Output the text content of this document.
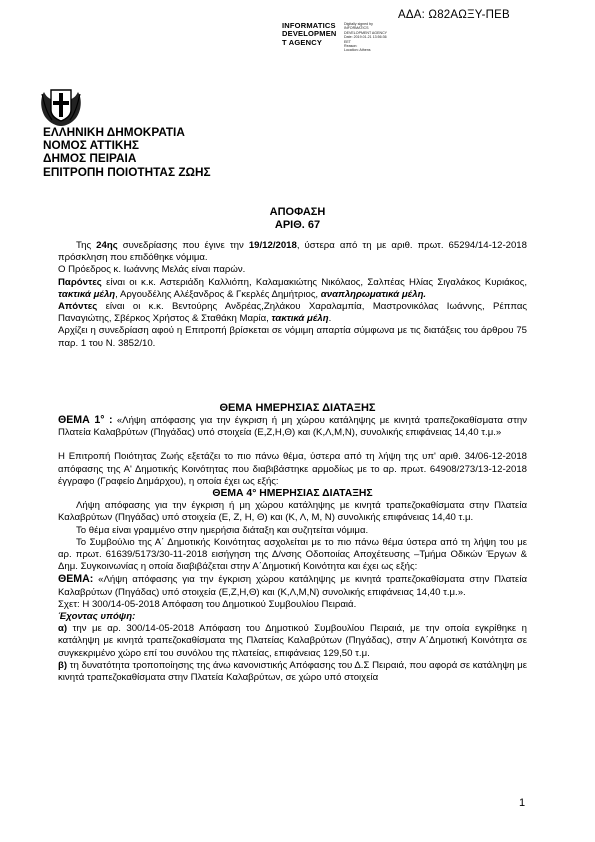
ΑΔΑ: Ω82ΑΩΞΥ-ΠΕΒ
INFORMATICS
DEVELOPMEN
T AGENCY
Digitally signed by
INFORMATICS
DEVELOPMENT AGENCY
Date: 2019.01.21 13:56:36
EET
Reason:
Location: Athens
ΕΛΛΗΝΙΚΗ ΔΗΜΟΚΡΑΤΙΑ
ΝΟΜΟΣ ΑΤΤΙΚΗΣ
ΔΗΜΟΣ ΠΕΙΡΑΙΑ
ΕΠΙΤΡΟΠΗ ΠΟΙΟΤΗΤΑΣ ΖΩΗΣ
ΑΠΟΦΑΣΗ
ΑΡΙΘ. 67

Της 24ης συνεδρίασης που έγινε την 19/12/2018, ύστερα από τη με αριθ. πρωτ. 65294/14-12-2018 πρόσκληση που επιδόθηκε νόμιμα.

Ο Πρόεδρος κ. Ιωάννης Μελάς είναι παρών.

Παρόντες είναι οι κ.κ. Αστεριάδη Καλλιόπη, Καλαμακιώτης Νικόλαος, Σαλπέας Ηλίας Σιγαλάκος Κυριάκος, τακτικά μέλη, Αργουδέλης Αλέξανδρος & Γκερλές Δημήτριος, αναπληρωματικά μέλη.

Απόντες είναι οι κ.κ. Βεντούρης Ανδρέας,Ζηλάκου Χαραλαμπία, Μαστρονικόλας Ιωάννης, Ρέππας Παναγιώτης, Σβέρκος Χρήστος & Σταθάκη Μαρία, τακτικά μέλη.

Αρχίζει η συνεδρίαση αφού η Επιτροπή βρίσκεται σε νόμιμη απαρτία σύμφωνα με τις διατάξεις του άρθρου 75 παρ. 1 του Ν. 3852/10.

ΘΕΜΑ ΗΜΕΡΗΣΙΑΣ ΔΙΑΤΑΞΗΣ

ΘΕΜΑ 1° : «Λήψη απόφασης για την έγκριση ή μη χώρου κατάληψης με κινητά τραπεζοκαθίσματα στην Πλατεία Καλαβρύτων (Πηγάδας) υπό στοιχεία (Ε,Ζ,Η,Θ) και (Κ,Λ,Μ,Ν), συνολικής επιφάνειας 14,40 τ.μ.»

Η Επιτροπή Ποιότητας Ζωής εξετάζει το πιο πάνω θέμα, ύστερα από τη λήψη της υπ' αριθ. 34/06-12-2018 απόφασης της Α' Δημοτικής Κοινότητας που διαβιβάστηκε αρμοδίως με το αρ. πρωτ. 64908/273/13-12-2018 έγγραφο (Γραφείο Δημάρχου), η οποία έχει ως εξής:

ΘΕΜΑ 4° ΗΜΕΡΗΣΙΑΣ ΔΙΑΤΑΞΗΣ

Λήψη απόφασης για την έγκριση ή μη χώρου κατάληψης με κινητά τραπεζοκαθίσματα στην Πλατεία Καλαβρύτων (Πηγάδας) υπό στοιχεία (Ε, Ζ, Η, Θ) και (Κ, Λ, Μ, Ν) συνολικής επιφάνειας 14,40 τ.μ.

Το θέμα είναι γραμμένο στην ημερήσια διάταξη και συζητείται νόμιμα.

Το Συμβούλιο της Α΄ Δημοτικής Κοινότητας ασχολείται με το πιο πάνω θέμα ύστερα από τη λήψη του με αρ. πρωτ. 61639/5173/30-11-2018 εισήγηση της Δ/νσης Οδοποιίας Αποχέτευσης –Τμήμα Οδικών Έργων & Δημ. Συγκοινωνίας η οποία διαβιβάζεται στην Α΄Δημοτική Κοινότητα και έχει ως εξής:

ΘΕΜΑ: «Λήψη απόφασης για την έγκριση χώρου κατάληψης με κινητά τραπεζοκαθίσματα στην Πλατεία Καλαβρύτων (Πηγάδας) υπό στοιχεία (Ε,Ζ,Η,Θ) και (Κ,Λ,Μ,Ν) συνολικής επιφάνειας 14,40 τ.μ.».

Σχετ: Η 300/14-05-2018 Απόφαση του Δημοτικού Συμβουλίου Πειραιά.

Έχοντας υπόψη:

α) την με αρ. 300/14-05-2018 Απόφαση του Δημοτικού Συμβουλίου Πειραιά, με την οποία εγκρίθηκε η κατάληψη με κινητά τραπεζοκαθίσματα της Πλατείας Καλαβρύτων (Πηγάδας), στην Α΄Δημοτική Κοινότητα σε συγκεκριμένο χώρο επί του συνόλου της πλατείας, επιφάνειας 129,50 τ.μ.

β) τη δυνατότητα τροποποίησης της άνω κανονιστικής Απόφασης του Δ.Σ Πειραιά, που αφορά σε κατάληψη με κινητά τραπεζοκαθίσματα στην Πλατεία Καλαβρύτων, σε χώρο υπό στοιχεία

1
